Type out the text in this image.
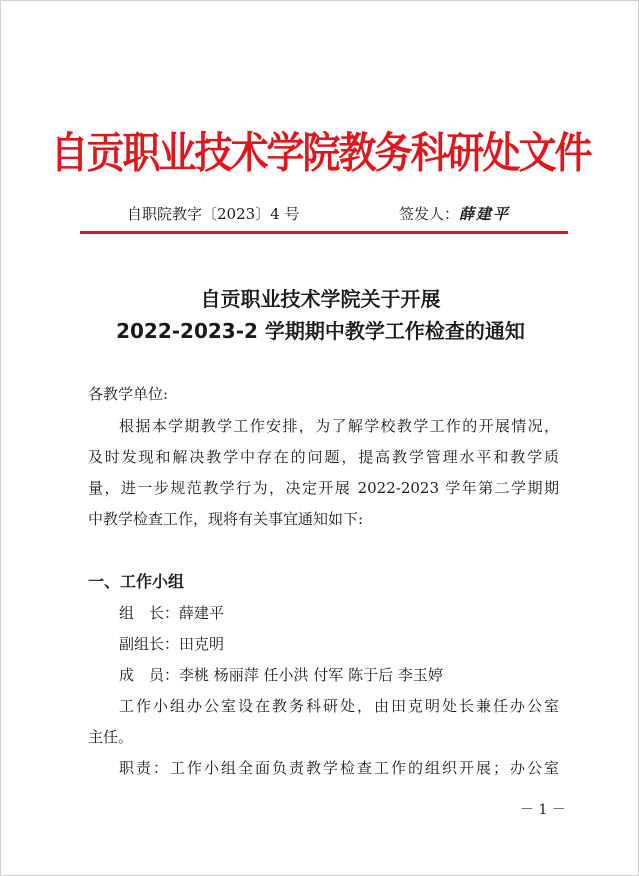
自贡职业技术学院教务科研处文件
自职院教字〔2023〕4 号	签发人：薛建平
自贡职业技术学院关于开展
2022-2023-2 学期期中教学工作检查的通知
各教学单位:
根据本学期教学工作安排，为了解学校教学工作的开展情况，
及时发现和解决教学中存在的问题，提高教学管理水平和教学质
量，进一步规范教学行为，决定开展 2022-2023 学年第二学期期
中教学检查工作，现将有关事宜通知如下:
一、工作小组
组　长：薛建平
副组长：田克明
成　员：李桃 杨丽萍 任小洪 付军 陈于后 李玉婷
工作小组办公室设在教务科研处，由田克明处长兼任办公室
主任。
职责：工作小组全面负责教学检查工作的组织开展；办公室
－ 1 －
